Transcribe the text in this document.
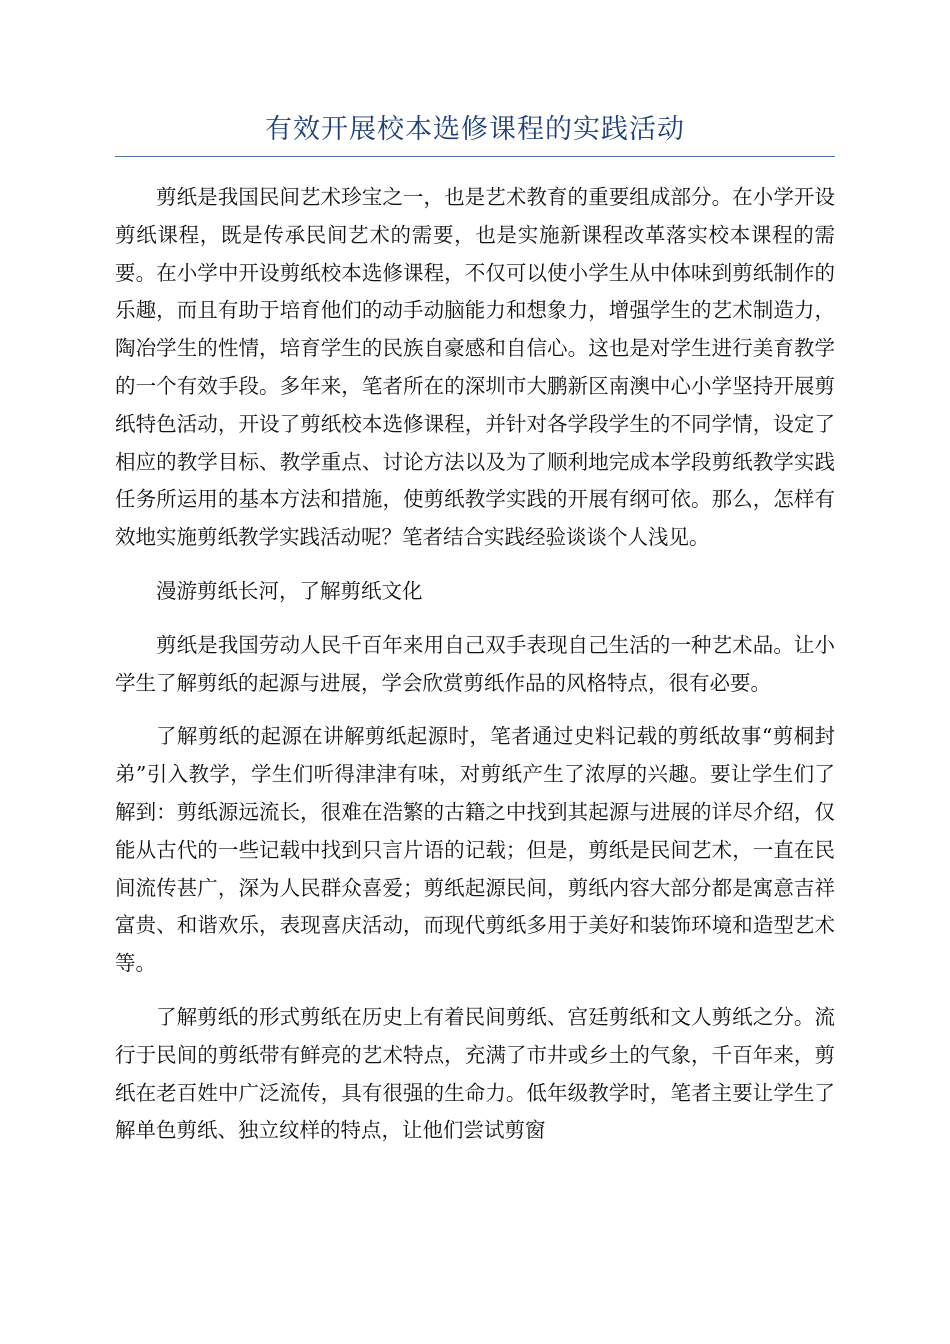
有效开展校本选修课程的实践活动

剪纸是我国民间艺术珍宝之一，也是艺术教育的重要组成部分。在小学开设剪纸课程，既是传承民间艺术的需要，也是实施新课程改革落实校本课程的需要。在小学中开设剪纸校本选修课程，不仅可以使小学生从中体味到剪纸制作的乐趣，而且有助于培育他们的动手动脑能力和想象力，增强学生的艺术制造力，陶冶学生的性情，培育学生的民族自豪感和自信心。这也是对学生进行美育教学的一个有效手段。多年来，笔者所在的深圳市大鹏新区南澳中心小学坚持开展剪纸特色活动，开设了剪纸校本选修课程，并针对各学段学生的不同学情，设定了相应的教学目标、教学重点、讨论方法以及为了顺利地完成本学段剪纸教学实践任务所运用的基本方法和措施，使剪纸教学实践的开展有纲可依。那么，怎样有效地实施剪纸教学实践活动呢？笔者结合实践经验谈谈个人浅见。

漫游剪纸长河，了解剪纸文化

剪纸是我国劳动人民千百年来用自己双手表现自己生活的一种艺术品。让小学生了解剪纸的起源与进展，学会欣赏剪纸作品的风格特点，很有必要。

了解剪纸的起源在讲解剪纸起源时，笔者通过史料记载的剪纸故事“剪桐封弟”引入教学，学生们听得津津有味，对剪纸产生了浓厚的兴趣。要让学生们了解到：剪纸源远流长，很难在浩繁的古籍之中找到其起源与进展的详尽介绍，仅能从古代的一些记载中找到只言片语的记载；但是，剪纸是民间艺术，一直在民间流传甚广，深为人民群众喜爱；剪纸起源民间，剪纸内容大部分都是寓意吉祥富贵、和谐欢乐，表现喜庆活动，而现代剪纸多用于美好和装饰环境和造型艺术等。

了解剪纸的形式剪纸在历史上有着民间剪纸、宫廷剪纸和文人剪纸之分。流行于民间的剪纸带有鲜亮的艺术特点，充满了市井或乡土的气象，千百年来，剪纸在老百姓中广泛流传，具有很强的生命力。低年级教学时，笔者主要让学生了解单色剪纸、独立纹样的特点，让他们尝试剪窗
